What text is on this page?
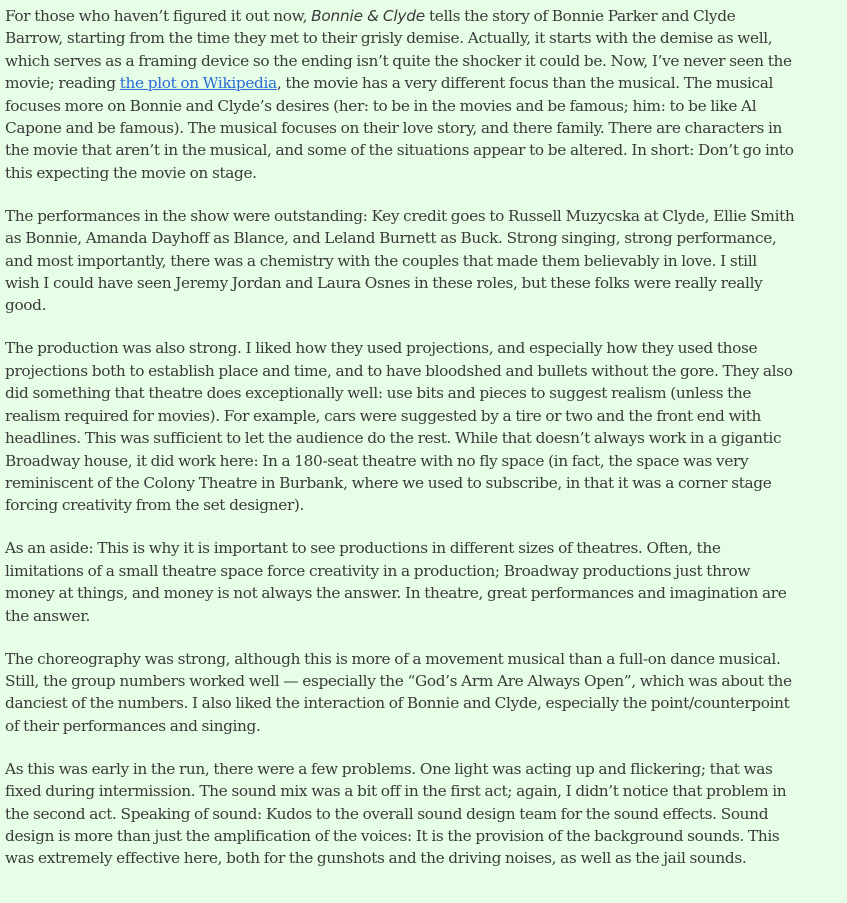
For those who haven’t figured it out now, Bonnie & Clyde tells the story of Bonnie Parker and Clyde Barrow, starting from the time they met to their grisly demise. Actually, it starts with the demise as well, which serves as a framing device so the ending isn’t quite the shocker it could be. Now, I’ve never seen the movie; reading the plot on Wikipedia, the movie has a very different focus than the musical. The musical focuses more on Bonnie and Clyde’s desires (her: to be in the movies and be famous; him: to be like Al Capone and be famous). The musical focuses on their love story, and there family. There are characters in the movie that aren’t in the musical, and some of the situations appear to be altered. In short: Don’t go into this expecting the movie on stage.

The performances in the show were outstanding: Key credit goes to Russell Muzycska at Clyde, Ellie Smith as Bonnie, Amanda Dayhoff as Blance, and Leland Burnett as Buck. Strong singing, strong performance, and most importantly, there was a chemistry with the couples that made them believably in love. I still wish I could have seen Jeremy Jordan and Laura Osnes in these roles, but these folks were really really good.

The production was also strong. I liked how they used projections, and especially how they used those projections both to establish place and time, and to have bloodshed and bullets without the gore. They also did something that theatre does exceptionally well: use bits and pieces to suggest realism (unless the realism required for movies). For example, cars were suggested by a tire or two and the front end with headlines. This was sufficient to let the audience do the rest. While that doesn’t always work in a gigantic Broadway house, it did work here: In a 180-seat theatre with no fly space (in fact, the space was very reminiscent of the Colony Theatre in Burbank, where we used to subscribe, in that it was a corner stage forcing creativity from the set designer).

As an aside: This is why it is important to see productions in different sizes of theatres. Often, the limitations of a small theatre space force creativity in a production; Broadway productions just throw money at things, and money is not always the answer. In theatre, great performances and imagination are the answer.

The choreography was strong, although this is more of a movement musical than a full-on dance musical. Still, the group numbers worked well — especially the “God’s Arm Are Always Open”, which was about the danciest of the numbers. I also liked the interaction of Bonnie and Clyde, especially the point/counterpoint of their performances and singing.

As this was early in the run, there were a few problems. One light was acting up and flickering; that was fixed during intermission. The sound mix was a bit off in the first act; again, I didn’t notice that problem in the second act. Speaking of sound: Kudos to the overall sound design team for the sound effects. Sound design is more than just the amplification of the voices: It is the provision of the background sounds. This was extremely effective here, both for the gunshots and the driving noises, as well as the jail sounds.
